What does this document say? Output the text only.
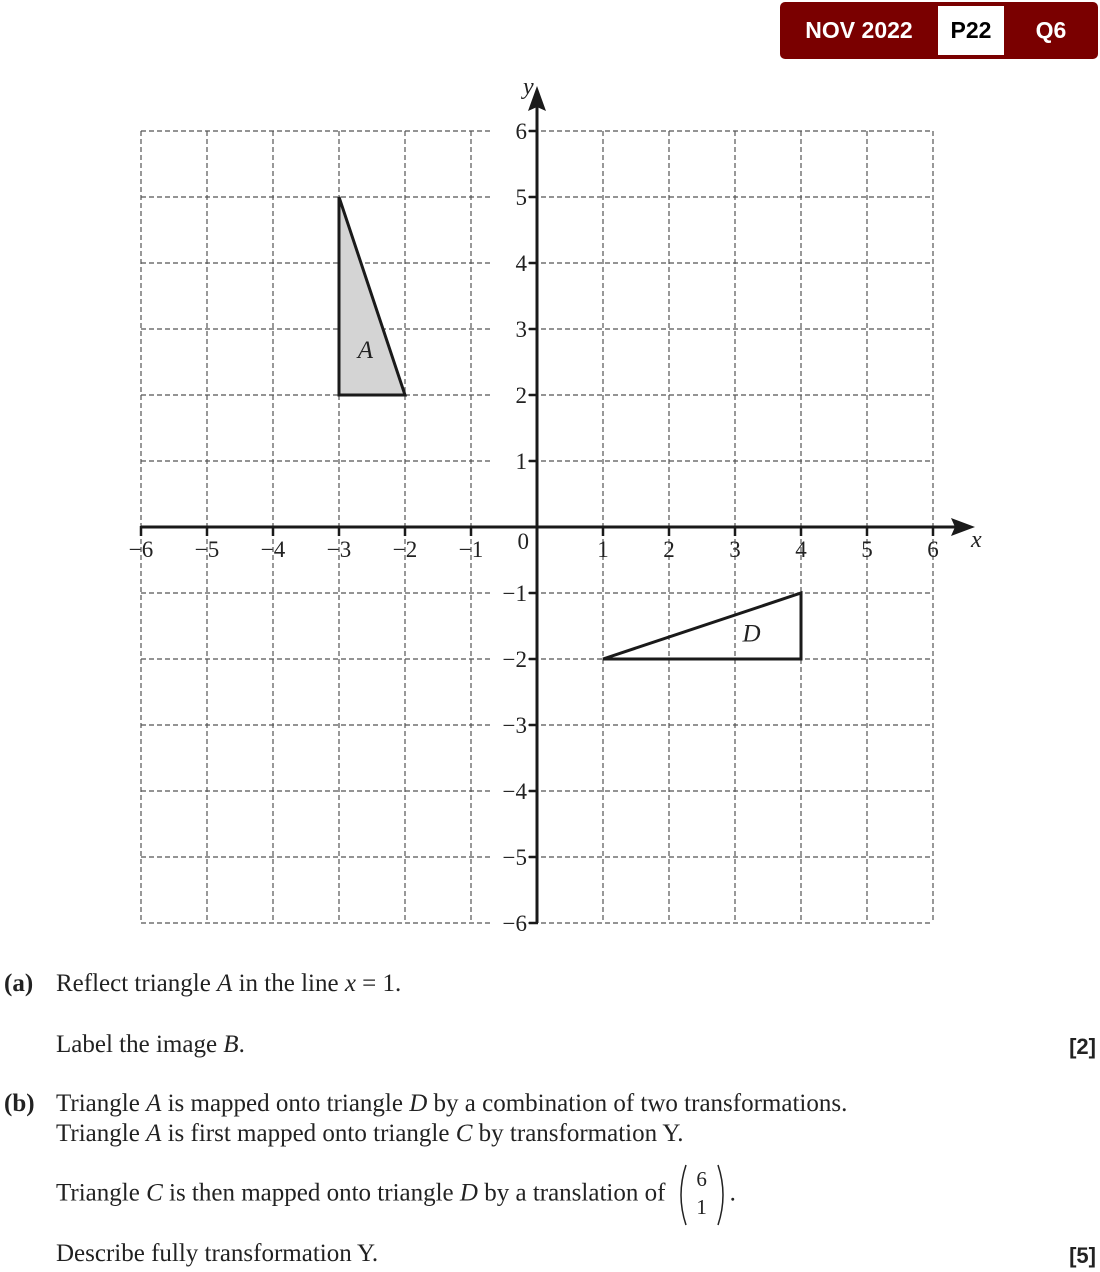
NOV 2022	P22	Q6
A
D
x
y
−6 −5 −4 −3 −2 −1	1 2 3 4 5 6
6
5
4
3
2
1
−1
−2
−3
−4
−5
−6
0
(a) Reflect triangle A in the line x = 1.
Label the image B.	[2]
(b) Triangle A is mapped onto triangle D by a combination of two transformations.
Triangle A is first mapped onto triangle C by transformation Y.
Triangle C is then mapped onto triangle D by a translation of
6
1
.
Describe fully transformation Y.	[5]
